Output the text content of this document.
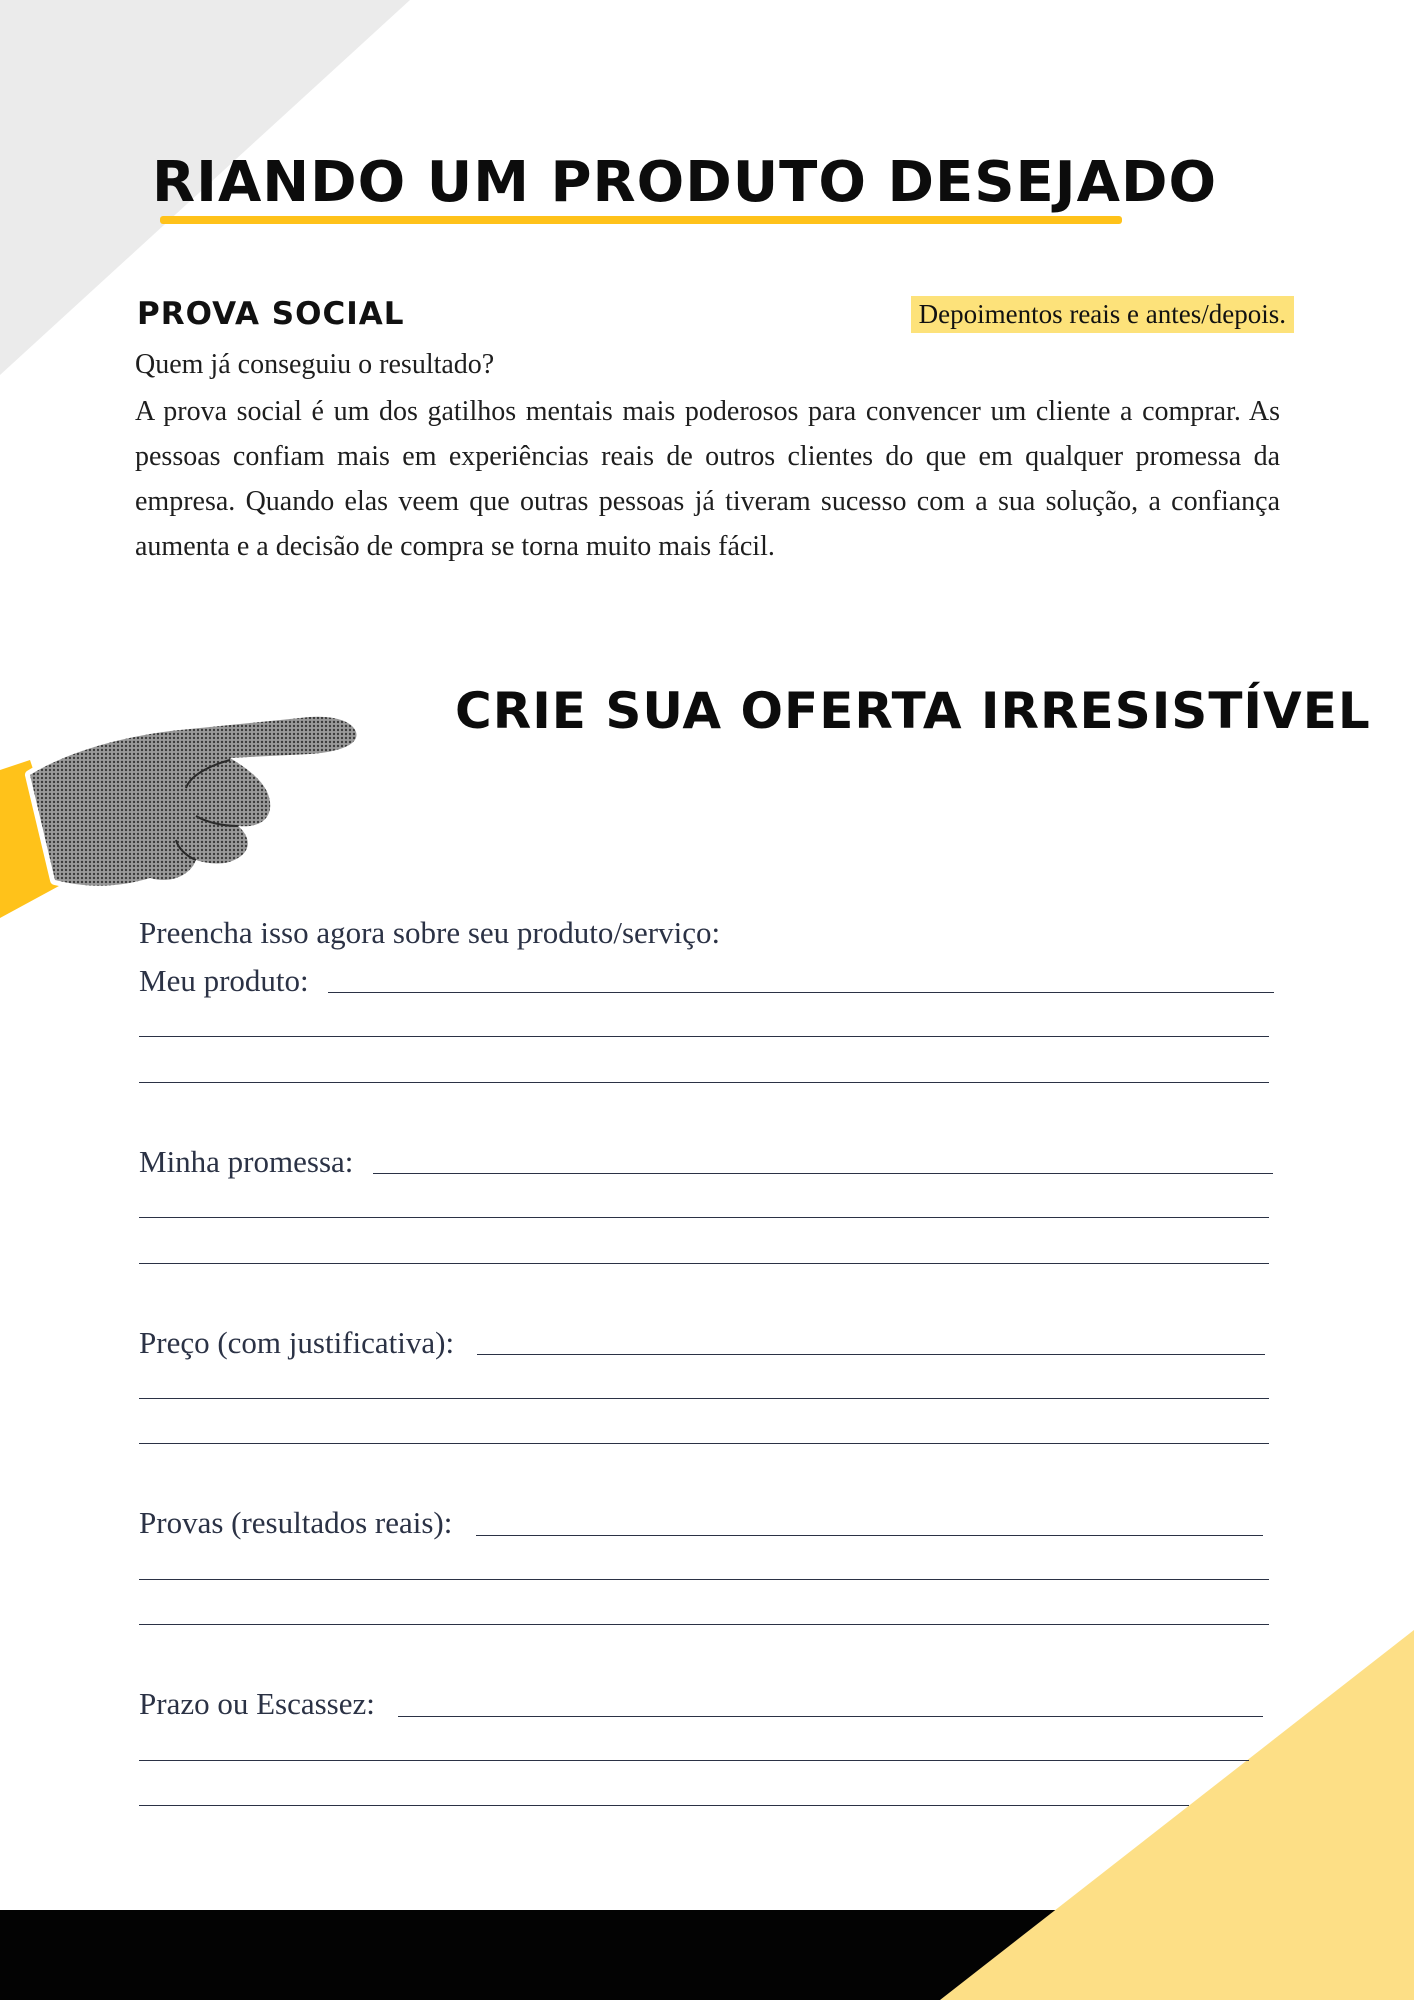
RIANDO UM PRODUTO DESEJADO
PROVA SOCIAL	Depoimentos reais e antes/depois.
Quem já conseguiu o resultado?
A prova social é um dos gatilhos mentais mais poderosos para convencer um cliente a comprar. As pessoas confiam mais em experiências reais de outros clientes do que em qualquer promessa da empresa. Quando elas veem que outras pessoas já tiveram sucesso com a sua solução, a confiança aumenta e a decisão de compra se torna muito mais fácil.
CRIE SUA OFERTA IRRESISTÍVEL
Preencha isso agora sobre seu produto/serviço:
Meu produto:
Minha promessa:
Preço (com justificativa):
Provas (resultados reais):
Prazo ou Escassez:
